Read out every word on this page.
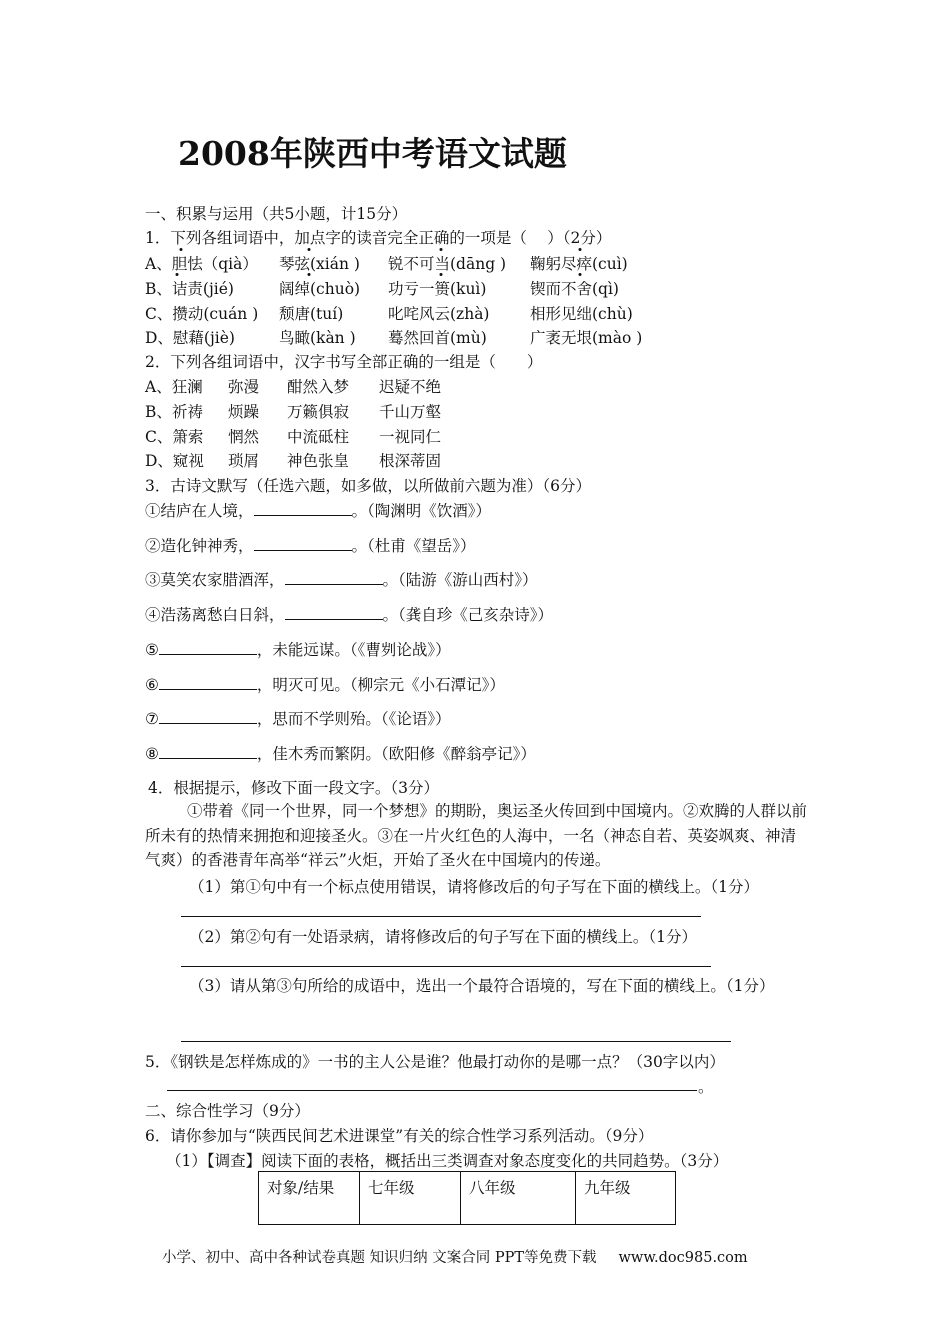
2008年陕西中考语文试题
一、积累与运用（共5小题，计15分）
1．下列各组词语中，加点字的读音完全正确的一项是（　 ）（2分）
A、胆怯（qià） 琴弦(xián ) 锐不可当(dāng ) 鞠躬尽瘁(cuì)
B、诘责(jié)	阔绰(chuò) 功亏一篑(kuì)	锲而不舍(qì)
C、攒动(cuán ) 颓唐(tuí)	叱咤风云(zhà)	相形见绌(chù)
D、慰藉(jiè)	鸟瞰(kàn ) 蓦然回首(mù)	广袤无垠(mào )
2．下列各组词语中，汉字书写全部正确的一组是（　　）
A、狂澜 弥漫 酣然入梦 迟疑不绝
B、祈祷 烦躁 万籁俱寂 千山万壑
C、箫索 惘然 中流砥柱 一视同仁
D、窥视 琐屑 神色张皇 根深蒂固
3．古诗文默写（任选六题，如多做，以所做前六题为准）（6分）
①结庐在人境，	。（陶渊明《饮酒》）
②造化钟神秀，	。（杜甫《望岳》）
③莫笑农家腊酒浑，	。（陆游《游山西村》）
④浩荡离愁白日斜，	。（龚自珍《己亥杂诗》）
⑤	，未能远谋。（《曹刿论战》）
⑥	，明灭可见。（柳宗元《小石潭记》）
⑦	，思而不学则殆。（《论语》）
⑧	，佳木秀而繁阴。（欧阳修《醉翁亭记》）
4．根据提示，修改下面一段文字。（3分）
①带着《同一个世界，同一个梦想》的期盼，奥运圣火传回到中国境内。②欢腾的人群以前所未有的热情来拥抱和迎接圣火。③在一片火红色的人海中，一名（神态自若、英姿飒爽、神清气爽）的香港青年高举“祥云”火炬，开始了圣火在中国境内的传递。
（1）第①句中有一个标点使用错误，请将修改后的句子写在下面的横线上。（1分）
（2）第②句有一处语录病，请将修改后的句子写在下面的横线上。（1分）
（3）请从第③句所给的成语中，选出一个最符合语境的，写在下面的横线上。（1分）
5．《钢铁是怎样炼成的》一书的主人公是谁？他最打动你的是哪一点？（30字以内）
。
二、综合性学习（9分）
6．请你参加与“陕西民间艺术进课堂”有关的综合性学习系列活动。（9分）
（1）【调查】阅读下面的表格，概括出三类调查对象态度变化的共同趋势。（3分）
对象/结果	七年级	八年级	九年级
小学、初中、高中各种试卷真题 知识归纳 文案合同 PPT等免费下载 www.doc985.com
